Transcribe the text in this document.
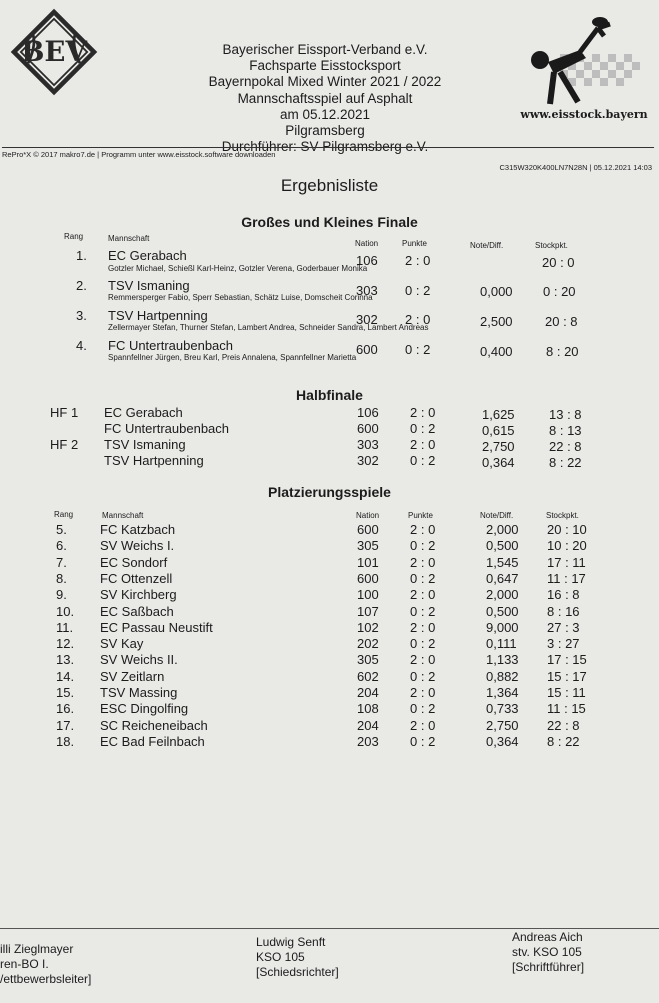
BEV	Bayerischer Eissport-Verband e.V.
Fachsparte Eisstocksport
Bayernpokal Mixed Winter 2021 / 2022
Mannschaftsspiel auf Asphalt
am 05.12.2021
Pilgramsberg
Durchführer: SV Pilgramsberg e.V.
www.eisstock.bayern
RePro*X © 2017 makro7.de | Programm unter www.eisstock.software downloaden
C315W320K400LN7N28N | 05.12.2021 14:03
Ergebnisliste
Großes und Kleines Finale
Rang	Mannschaft
Nation	Punkte	Note/Diff.	Stockpkt.
1. EC Gerabach	106 2 : 0	20 : 0
Gotzler Michael, Schießl Karl-Heinz, Gotzler Verena, Goderbauer Monika
2. TSV Ismaning	303 0 : 2	0,000 0 : 20
Remmersperger Fabio, Sperr Sebastian, Schätz Luise, Domscheit Corinna
3. TSV Hartpenning	302 2 : 0	2,500 20 : 8
Zellermayer Stefan, Thurner Stefan, Lambert Andrea, Schneider Sandra, Lambert Andreas
4. FC Untertraubenbach	600 0 : 2	0,400	8 : 20
Spannfellner Jürgen, Breu Karl, Preis Annalena, Spannfellner Marietta
Halbfinale
HF 1 EC Gerabach	106 2 : 0	1,625	13 : 8
FC Untertraubenbach	600 0 : 2	0,615	8 : 13
HF 2 TSV Ismaning	303 2 : 0	2,750	22 : 8
TSV Hartpenning	302 0 : 2	0,364	8 : 22
Platzierungsspiele
Rang	Mannschaft	Nation	Punkte	Note/Diff.	Stockpkt.
5.	FC Katzbach	600 2 : 0	2,000 20 : 10
6.	SV Weichs I.	305 0 : 2	0,500 10 : 20
7.	EC Sondorf	101 2 : 0	1,545 17 : 11
8.	FC Ottenzell	600 0 : 2	0,647 11 : 17
9.	SV Kirchberg	100 2 : 0	2,000 16 : 8
10. EC Saßbach	107 0 : 2	0,500 8 : 16
11. EC Passau Neustift	102 2 : 0	9,000 27 : 3
12. SV Kay	202 0 : 2	0,111 3 : 27
13. SV Weichs II.	305 2 : 0	1,133 17 : 15
14. SV Zeitlarn	602 0 : 2	0,882 15 : 17
15. TSV Massing	204 2 : 0	1,364 15 : 11
16. ESC Dingolfing	108 0 : 2	0,733 11 : 15
17. SC Reicheneibach	204 2 : 0	2,750 22 : 8
18. EC Bad Feilnbach	203 0 : 2	0,364 8 : 22
illi Zieglmayer
ren-BO I.
/ettbewerbsleiter]
Ludwig Senft
KSO 105
[Schiedsrichter]
Andreas Aich
stv. KSO 105
[Schriftführer]
